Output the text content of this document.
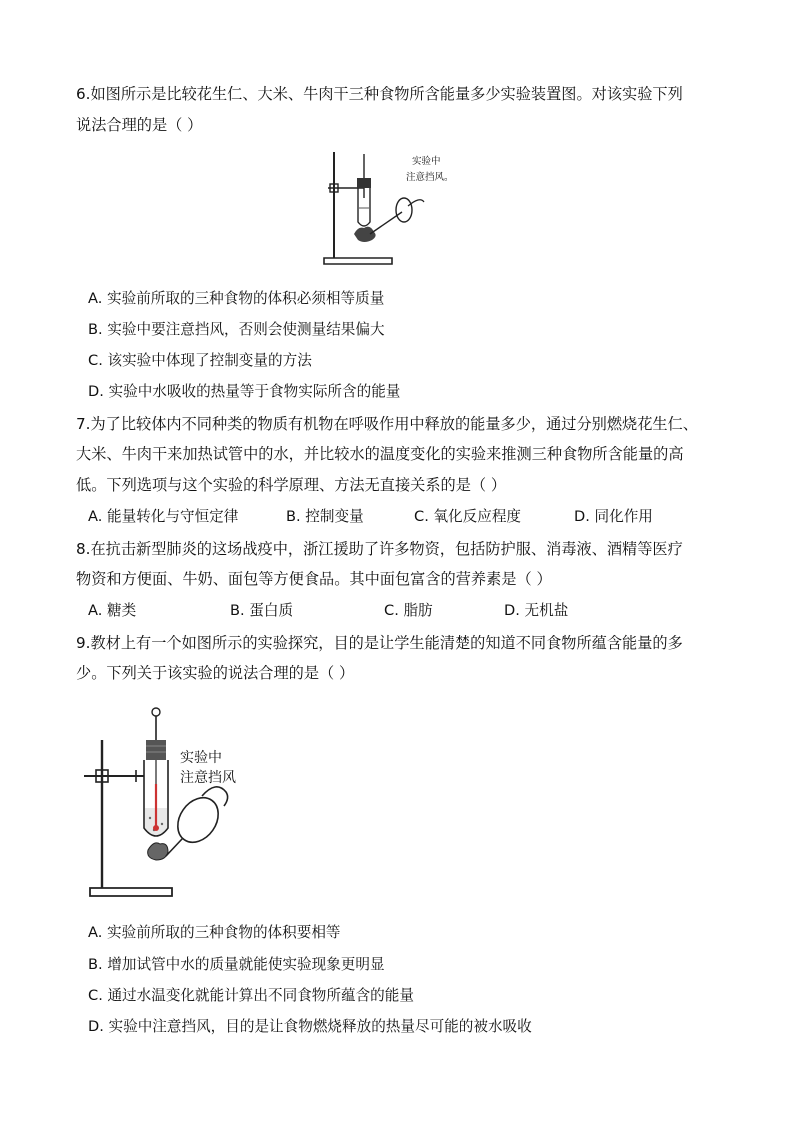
6.如图所示是比较花生仁、大米、牛肉干三种食物所含能量多少实验装置图。对该实验下列
说法合理的是（ ）
实验中
注意挡风。
A. 实验前所取的三种食物的体积必须相等质量
B. 实验中要注意挡风，否则会使测量结果偏大
C. 该实验中体现了控制变量的方法
D. 实验中水吸收的热量等于食物实际所含的能量
7.为了比较体内不同种类的物质有机物在呼吸作用中释放的能量多少，通过分别燃烧花生仁、
大米、牛肉干来加热试管中的水，并比较水的温度变化的实验来推测三种食物所含能量的高
低。下列选项与这个实验的科学原理、方法无直接关系的是（ ）
A. 能量转化与守恒定律	B. 控制变量	C. 氧化反应程度	D. 同化作用
8.在抗击新型肺炎的这场战疫中，浙江援助了许多物资，包括防护服、消毒液、酒精等医疗
物资和方便面、牛奶、面包等方便食品。其中面包富含的营养素是（ ）
A. 糖类	B. 蛋白质	C. 脂肪	D. 无机盐
9.教材上有一个如图所示的实验探究，目的是让学生能清楚的知道不同食物所蕴含能量的多
少。下列关于该实验的说法合理的是（ ）
实验中
注意挡风
A. 实验前所取的三种食物的体积要相等
B. 增加试管中水的质量就能使实验现象更明显
C. 通过水温变化就能计算出不同食物所蕴含的能量
D. 实验中注意挡风，目的是让食物燃烧释放的热量尽可能的被水吸收
